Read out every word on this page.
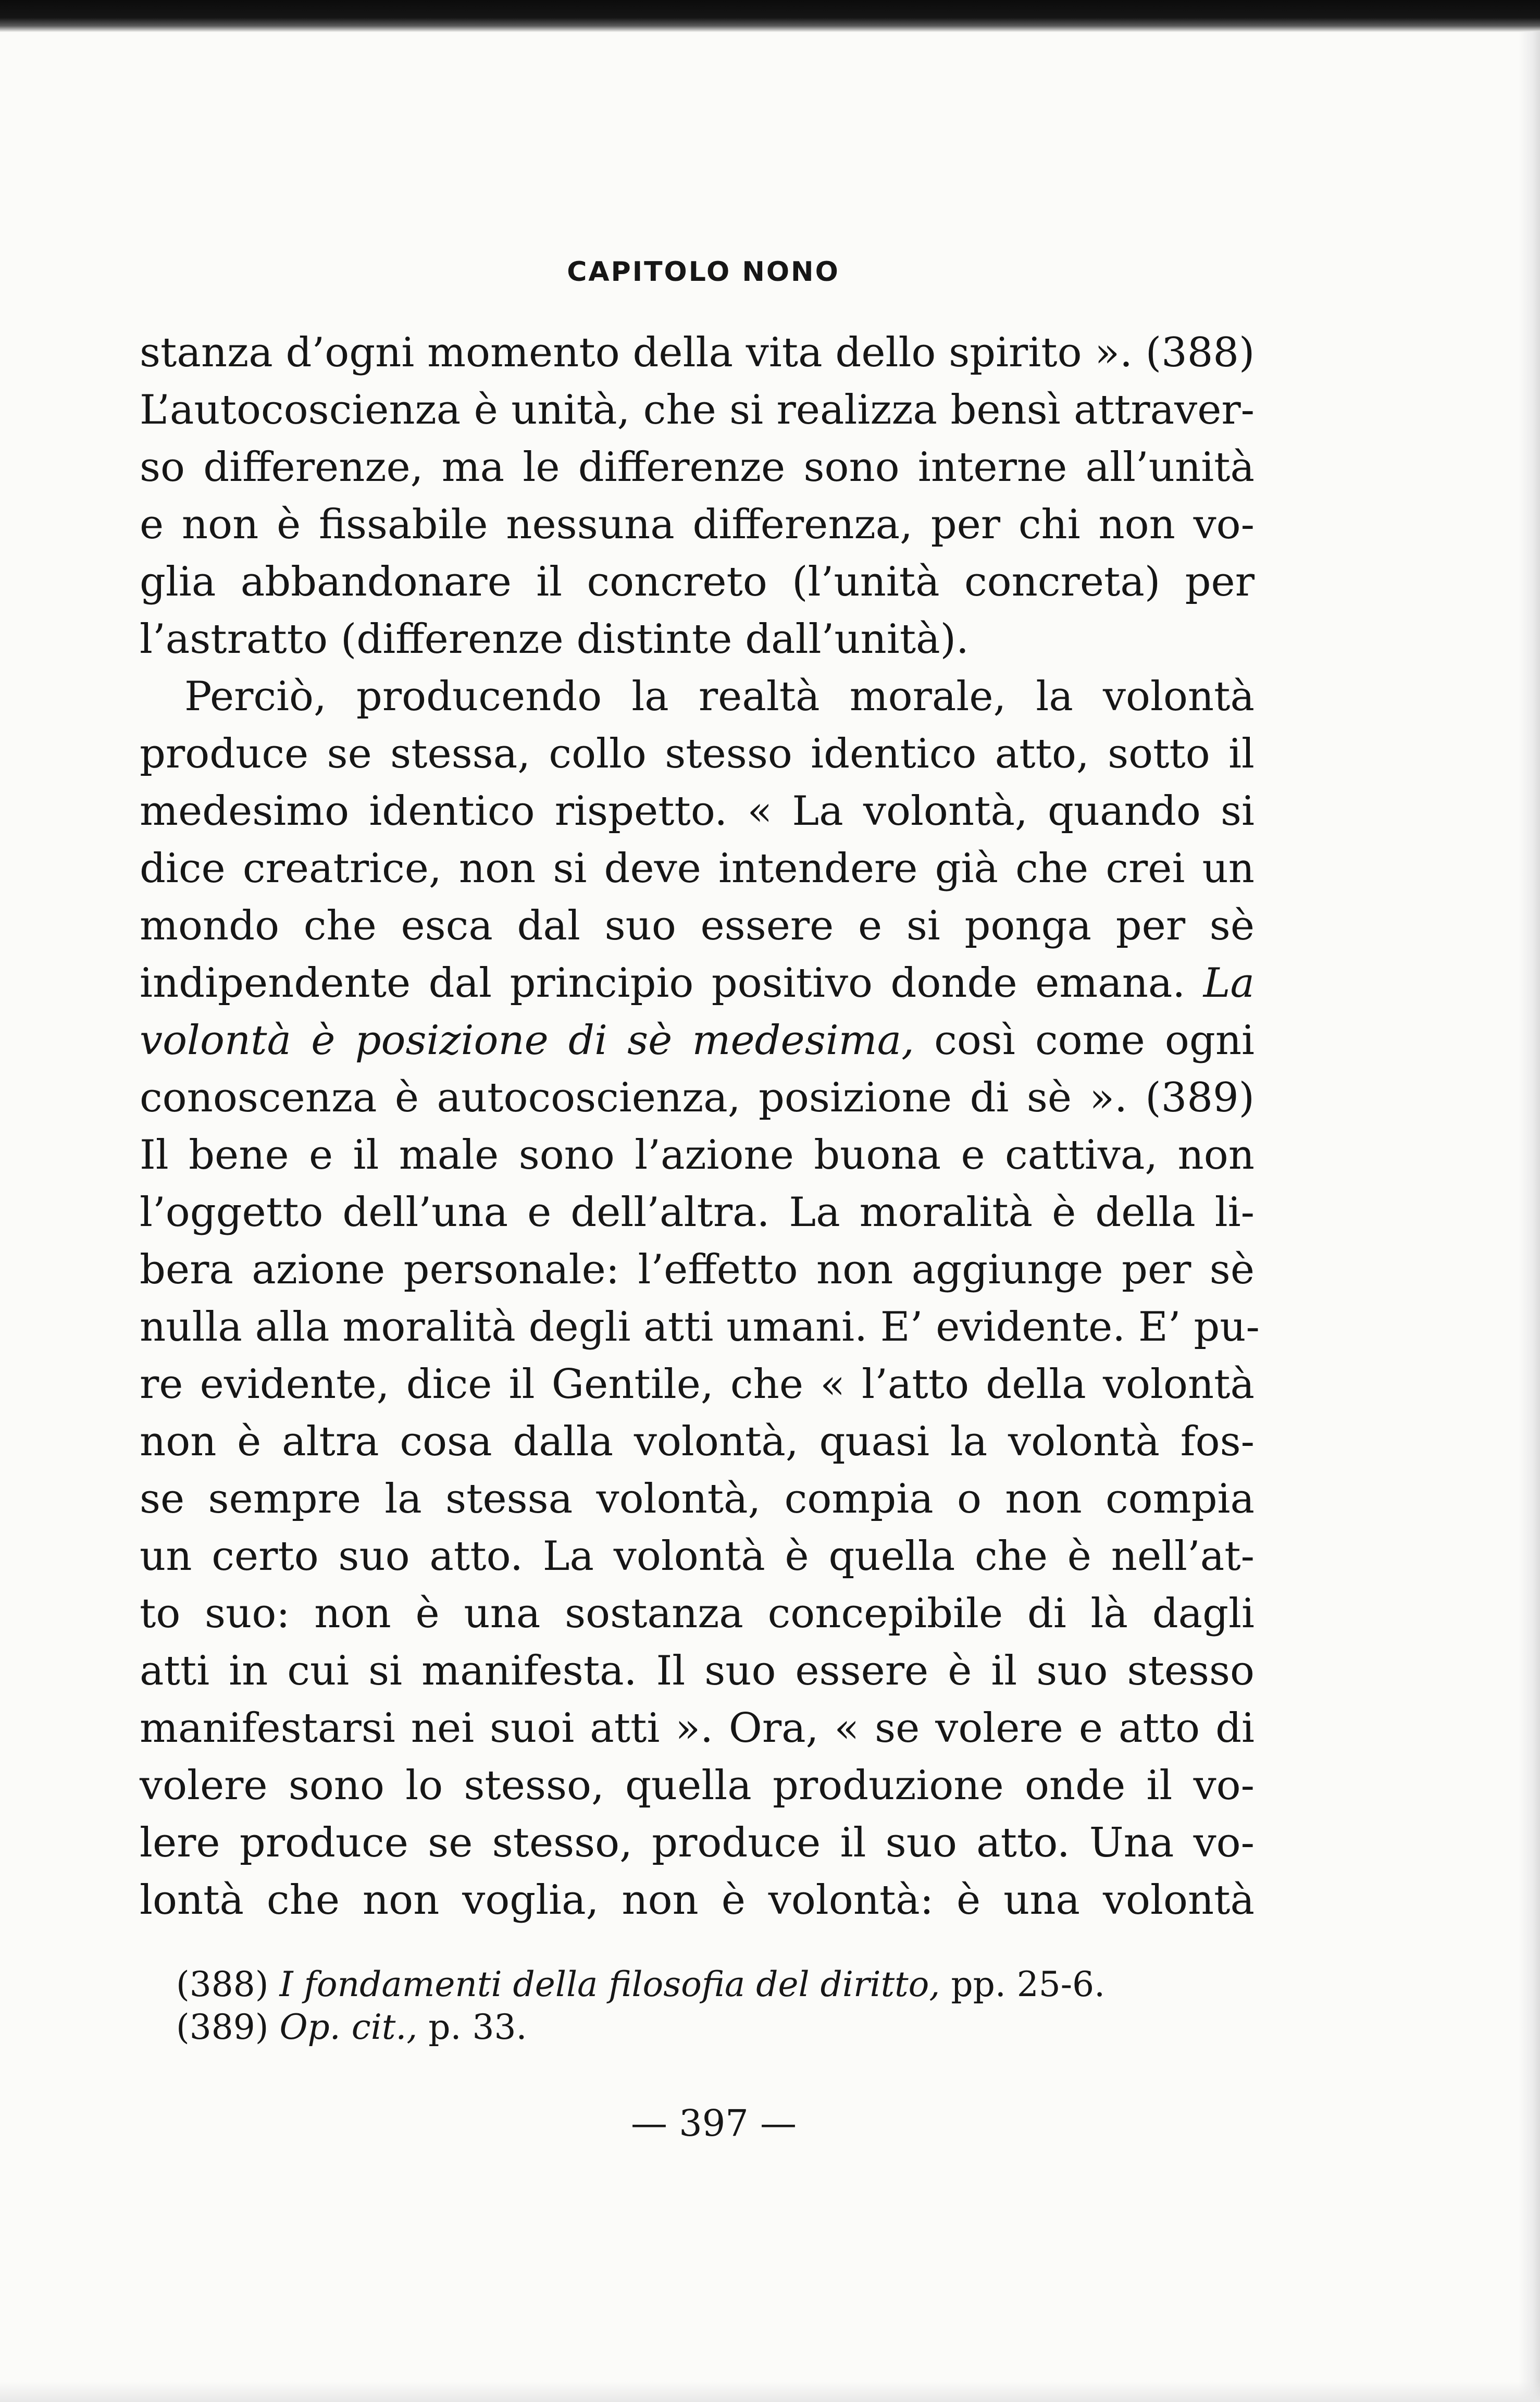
CAPITOLO NONO
stanza d’ogni momento della vita dello spirito ». (388)
L’autocoscienza è unità, che si realizza bensì attraver-
so differenze, ma le differenze sono interne all’unità
e non è fissabile nessuna differenza, per chi non vo-
glia abbandonare il concreto (l’unità concreta) per
l’astratto (differenze distinte dall’unità).
Perciò, producendo la realtà morale, la volontà
produce se stessa, collo stesso identico atto, sotto il
medesimo identico rispetto. « La volontà, quando si
dice creatrice, non si deve intendere già che crei un
mondo che esca dal suo essere e si ponga per sè
indipendente dal principio positivo donde emana. La
volontà è posizione di sè medesima, così come ogni
conoscenza è autocoscienza, posizione di sè ». (389)
Il bene e il male sono l’azione buona e cattiva, non
l’oggetto dell’una e dell’altra. La moralità è della li-
bera azione personale: l’effetto non aggiunge per sè
nulla alla moralità degli atti umani. E’ evidente. E’ pu-
re evidente, dice il Gentile, che « l’atto della volontà
non è altra cosa dalla volontà, quasi la volontà fos-
se sempre la stessa volontà, compia o non compia
un certo suo atto. La volontà è quella che è nell’at-
to suo: non è una sostanza concepibile di là dagli
atti in cui si manifesta. Il suo essere è il suo stesso
manifestarsi nei suoi atti ». Ora, « se volere e atto di
volere sono lo stesso, quella produzione onde il vo-
lere produce se stesso, produce il suo atto. Una vo-
lontà che non voglia, non è volontà: è una volontà
(388) I fondamenti della filosofia del diritto, pp. 25-6.
(389) Op. cit., p. 33.
— 397 —
